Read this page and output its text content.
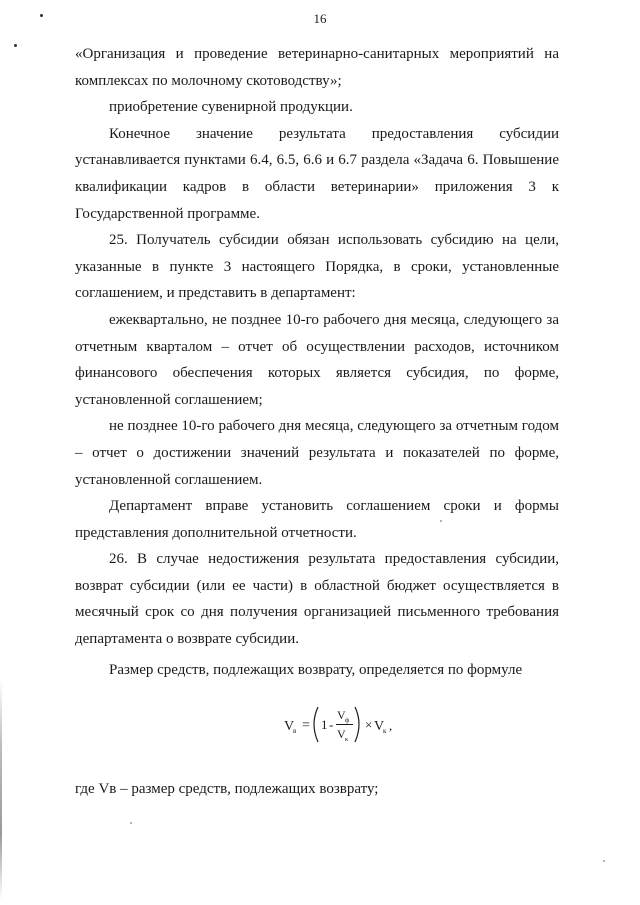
16

«Организация и проведение ветеринарно-санитарных мероприятий на комплексах по молочному скотоводству»;

приобретение сувенирной продукции.

Конечное значение результата предоставления субсидии устанавливается пунктами 6.4, 6.5, 6.6 и 6.7 раздела «Задача 6. Повышение квалификации кадров в области ветеринарии» приложения 3 к Государственной программе.

25. Получатель субсидии обязан использовать субсидию на цели, указанные в пункте 3 настоящего Порядка, в сроки, установленные соглашением, и представить в департамент:

ежеквартально, не позднее 10-го рабочего дня месяца, следующего за отчетным кварталом – отчет об осуществлении расходов, источником финансового обеспечения которых является субсидия, по форме, установленной соглашением;

не позднее 10-го рабочего дня месяца, следующего за отчетным годом – отчет о достижении значений результата и показателей по форме, установленной соглашением.

Департамент вправе установить соглашением сроки и формы представления дополнительной отчетности.

26. В случае недостижения результата предоставления субсидии, возврат субсидии (или ее части) в областной бюджет осуществляется в месячный срок со дня получения организацией письменного требования департамента о возврате субсидии.

Размер средств, подлежащих возврату, определяется по формуле

V
в = 1 -
V ф
V к
× V
к ,
где Vв – размер средств, подлежащих возврату;
